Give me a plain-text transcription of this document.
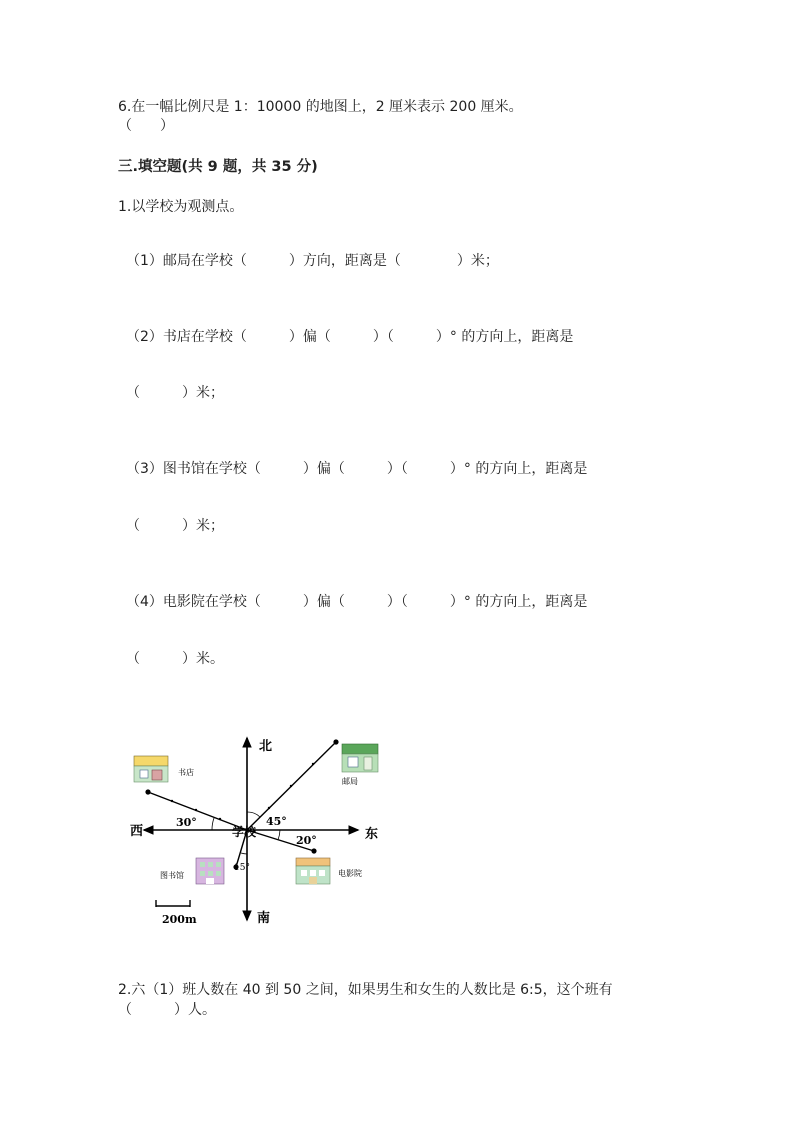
6.在一幅比例尺是 1：10000 的地图上，2 厘米表示 200 厘米。
（　　）
三.填空题(共 9 题，共 35 分)
1.以学校为观测点。
（1）邮局在学校（　　　）方向，距离是（　　　　）米；
（2）书店在学校（　　　）偏（　　　）（　　　）° 的方向上，距离是
（　　　）米；
（3）图书馆在学校（　　　）偏（　　　）（　　　）° 的方向上，距离是
（　　　）米；
（4）电影院在学校（　　　）偏（　　　）（　　　）° 的方向上，距离是
（　　　）米。
北
南
东
西	学校
30°	45°
20°
15°
书店
邮局
图书馆	电影院
200m
2.六（1）班人数在 40 到 50 之间，如果男生和女生的人数比是 6:5，这个班有
（　　　）人。
